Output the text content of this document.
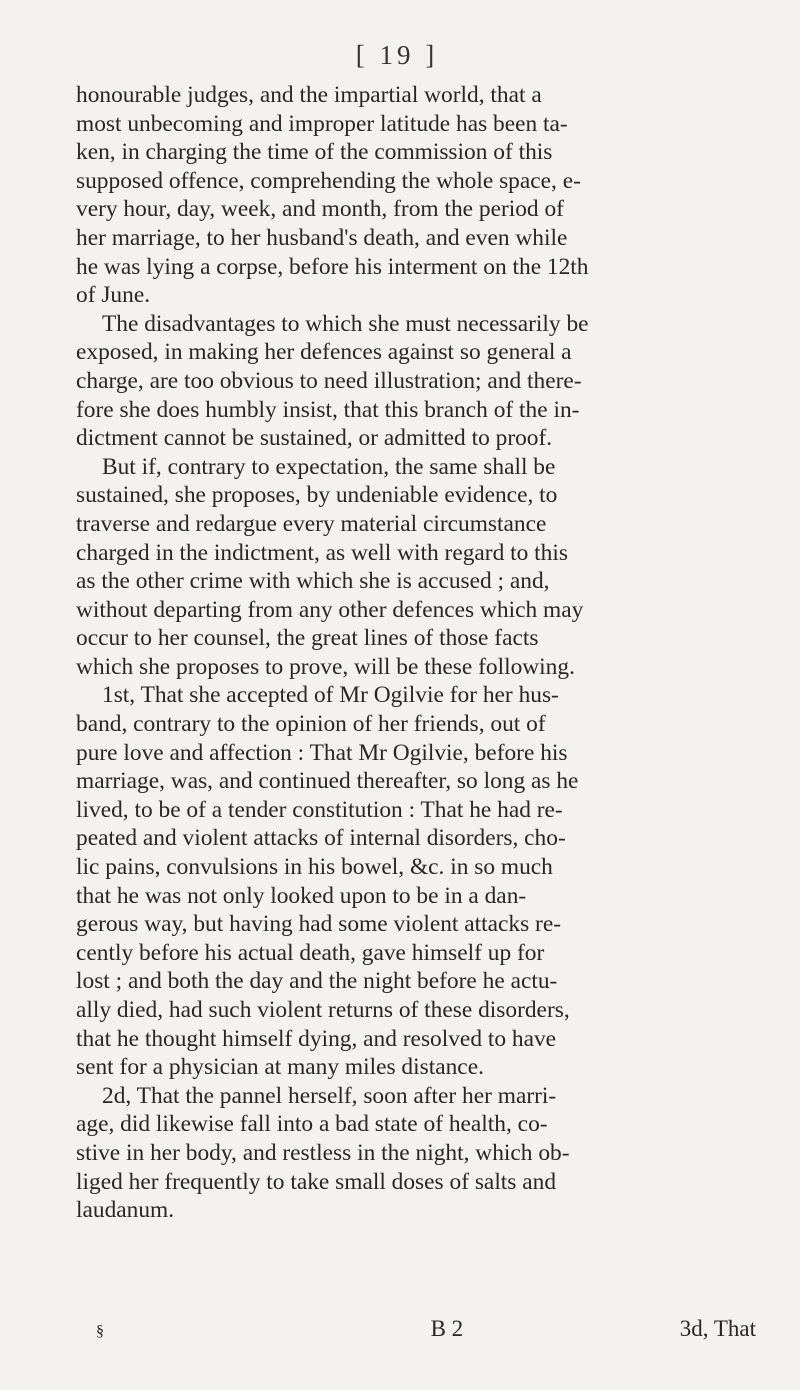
[ 19 ]

honourable judges, and the impartial world, that a
most unbecoming and improper latitude has been ta-
ken, in charging the time of the commission of this
supposed offence, comprehending the whole space, e-
very hour, day, week, and month, from the period of
her marriage, to her husband's death, and even while
he was lying a corpse, before his interment on the 12th
of June.

The disadvantages to which she must necessarily be
exposed, in making her defences against so general a
charge, are too obvious to need illustration; and there-
fore she does humbly insist, that this branch of the in-
dictment cannot be sustained, or admitted to proof.

But if, contrary to expectation, the same shall be
sustained, she proposes, by undeniable evidence, to
traverse and redargue every material circumstance
charged in the indictment, as well with regard to this
as the other crime with which she is accused ; and,
without departing from any other defences which may
occur to her counsel, the great lines of those facts
which she proposes to prove, will be these following.

1st, That she accepted of Mr Ogilvie for her hus-
band, contrary to the opinion of her friends, out of
pure love and affection : That Mr Ogilvie, before his
marriage, was, and continued thereafter, so long as he
lived, to be of a tender constitution : That he had re-
peated and violent attacks of internal disorders, cho-
lic pains, convulsions in his bowel, &c. in so much
that he was not only looked upon to be in a dan-
gerous way, but having had some violent attacks re-
cently before his actual death, gave himself up for
lost ; and both the day and the night before he actu-
ally died, had such violent returns of these disorders,
that he thought himself dying, and resolved to have
sent for a physician at many miles distance.

2d, That the pannel herself, soon after her marri-
age, did likewise fall into a bad state of health, co-
stive in her body, and restless in the night, which ob-
liged her frequently to take small doses of salts and
laudanum.

§	B 2	3d, That
